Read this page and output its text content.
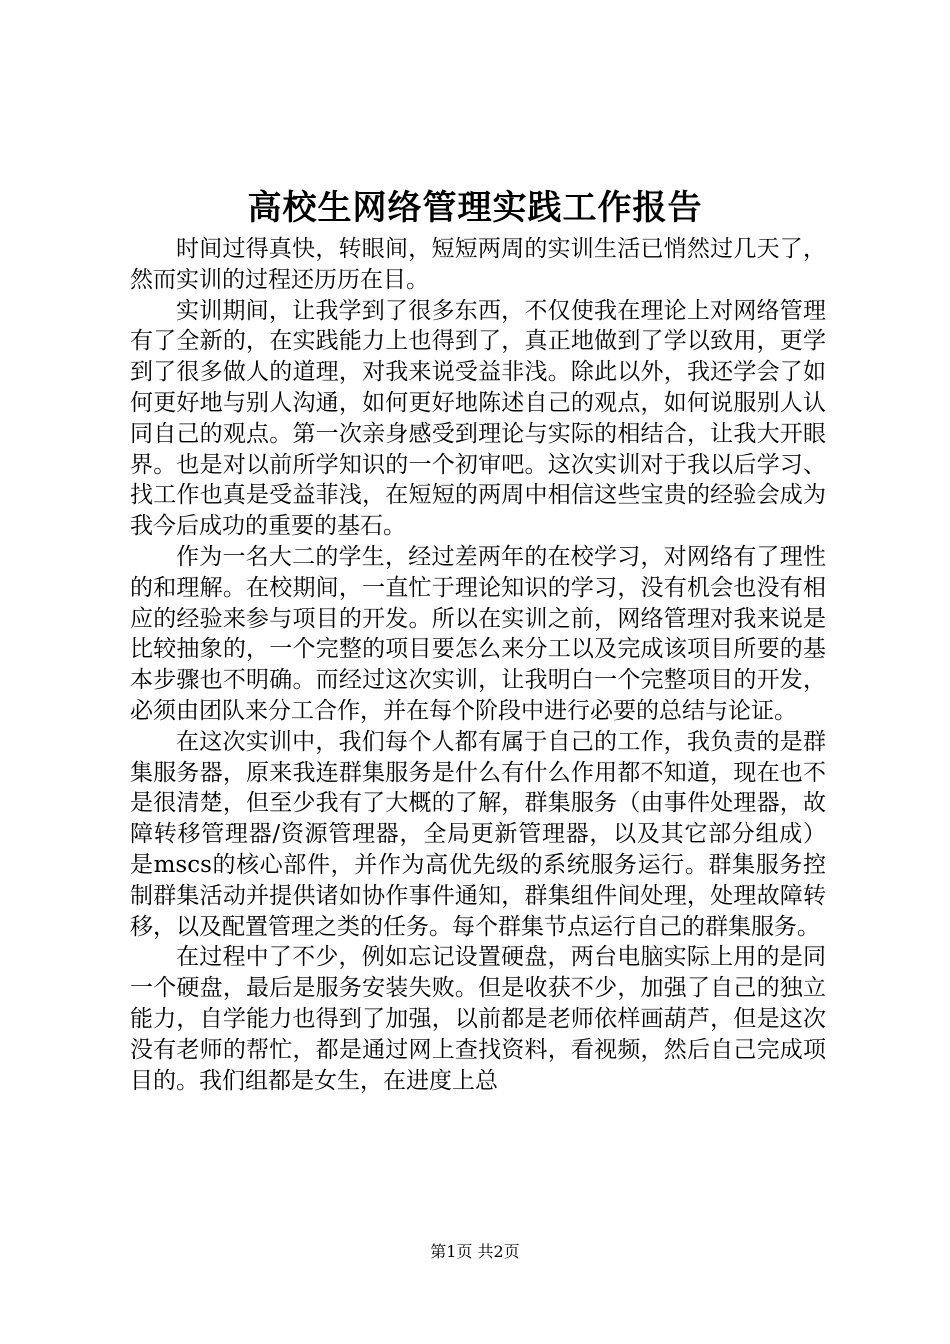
高校生网络管理实践工作报告

时间过得真快，转眼间，短短两周的实训生活已悄然过几天了，然而实训的过程还历历在目。

实训期间，让我学到了很多东西，不仅使我在理论上对网络管理有了全新的，在实践能力上也得到了，真正地做到了学以致用，更学到了很多做人的道理，对我来说受益非浅。除此以外，我还学会了如何更好地与别人沟通，如何更好地陈述自己的观点，如何说服别人认同自己的观点。第一次亲身感受到理论与实际的相结合，让我大开眼界。也是对以前所学知识的一个初审吧。这次实训对于我以后学习、找工作也真是受益菲浅，在短短的两周中相信这些宝贵的经验会成为我今后成功的重要的基石。

作为一名大二的学生，经过差两年的在校学习，对网络有了理性的和理解。在校期间，一直忙于理论知识的学习，没有机会也没有相应的经验来参与项目的开发。所以在实训之前，网络管理对我来说是比较抽象的，一个完整的项目要怎么来分工以及完成该项目所要的基本步骤也不明确。而经过这次实训，让我明白一个完整项目的开发，必须由团队来分工合作，并在每个阶段中进行必要的总结与论证。

在这次实训中，我们每个人都有属于自己的工作，我负责的是群集服务器，原来我连群集服务是什么有什么作用都不知道，现在也不是很清楚，但至少我有了大概的了解，群集服务（由事件处理器，故障转移管理器/资源管理器，全局更新管理器，以及其它部分组成）是mscs的核心部件，并作为高优先级的系统服务运行。群集服务控制群集活动并提供诸如协作事件通知，群集组件间处理，处理故障转移，以及配置管理之类的任务。每个群集节点运行自己的群集服务。

在过程中了不少，例如忘记设置硬盘，两台电脑实际上用的是同一个硬盘，最后是服务安装失败。但是收获不少，加强了自己的独立能力，自学能力也得到了加强，以前都是老师依样画葫芦，但是这次没有老师的帮忙，都是通过网上查找资料，看视频，然后自己完成项目的。我们组都是女生，在进度上总

第1页 共2页
